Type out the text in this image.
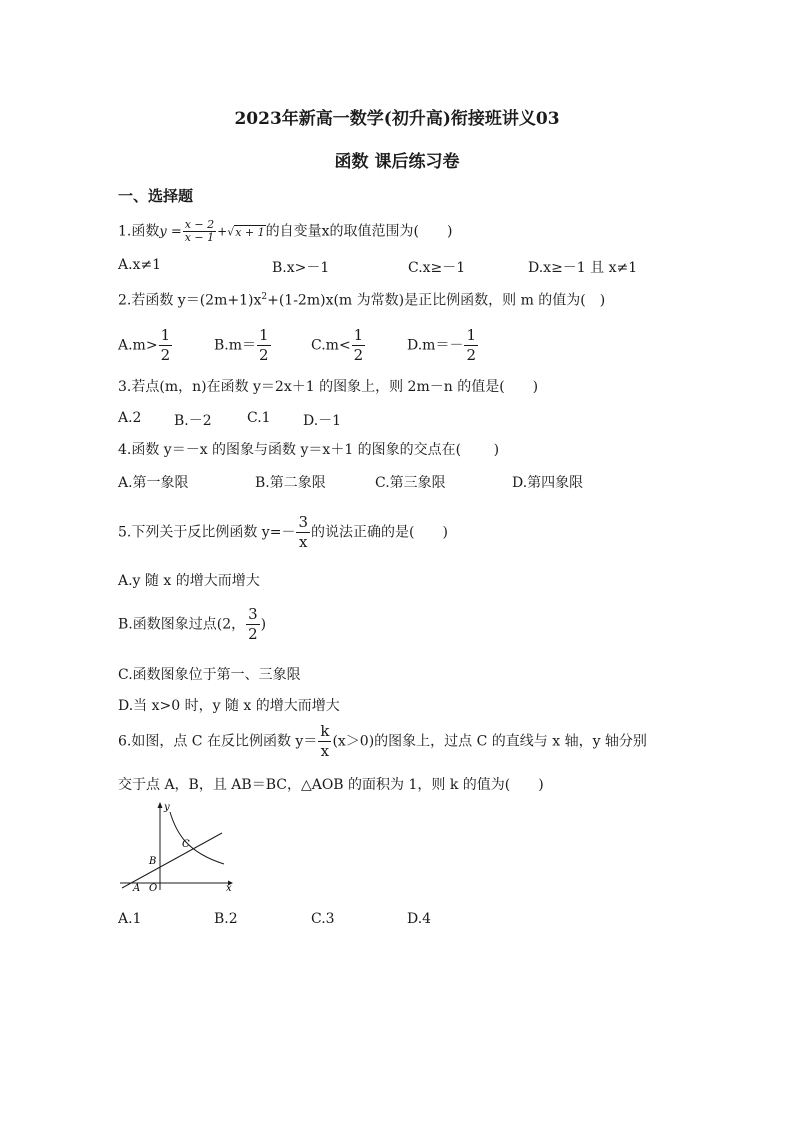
2023年新高一数学(初升高)衔接班讲义03
函数 课后练习卷
一、选择题
1.函数$y = \frac{x - 2}{x - 1} +√x + 1$的自变量x的取值范围为(　　)
A.x≠1	B.x>－1	C.x≥－1	D.x≥－1 且 x≠1
2.若函数 $y=(2m+1)x^2+(1-2m)x(m$ 为常数)是正比例函数，则 m 的值为(　)
$A.m> \frac{1}{2}$	$B.m= \frac{1}{2}$	$C.m< \frac{1}{2}$	$D.m=- \frac{1}{2}$
3.若点(m，n)在函数 y＝2x＋1 的图象上，则 2m－n 的值是(　　)
A.2 B.－2	C.1 D.－1
4.函数 y＝－x 的图象与函数 y＝x＋1 的图象的交点在(　　 )
A.第一象限	B.第二象限	C.第三象限	D.第四象限
5.下列关于反比例函数 $y=- \frac{3}{x}$ 的说法正确的是(　　)
A.y 随 x 的增大而增大
B.函数图象过点(2， $\frac{3}{2}$ )
C.函数图象位于第一、三象限
D.当 x>0 时，y 随 x 的增大而增大
6.如图，点 C 在反比例函数 $y= \frac{k}{x} (x>0)$的图象上，过点 C 的直线与 x 轴，y 轴分别
交于点 A，B，且 AB＝BC，△AOB 的面积为 1，则 k 的值为(　　)
y
x
C
B
A O
A.1	B.2	C.3	D.4
